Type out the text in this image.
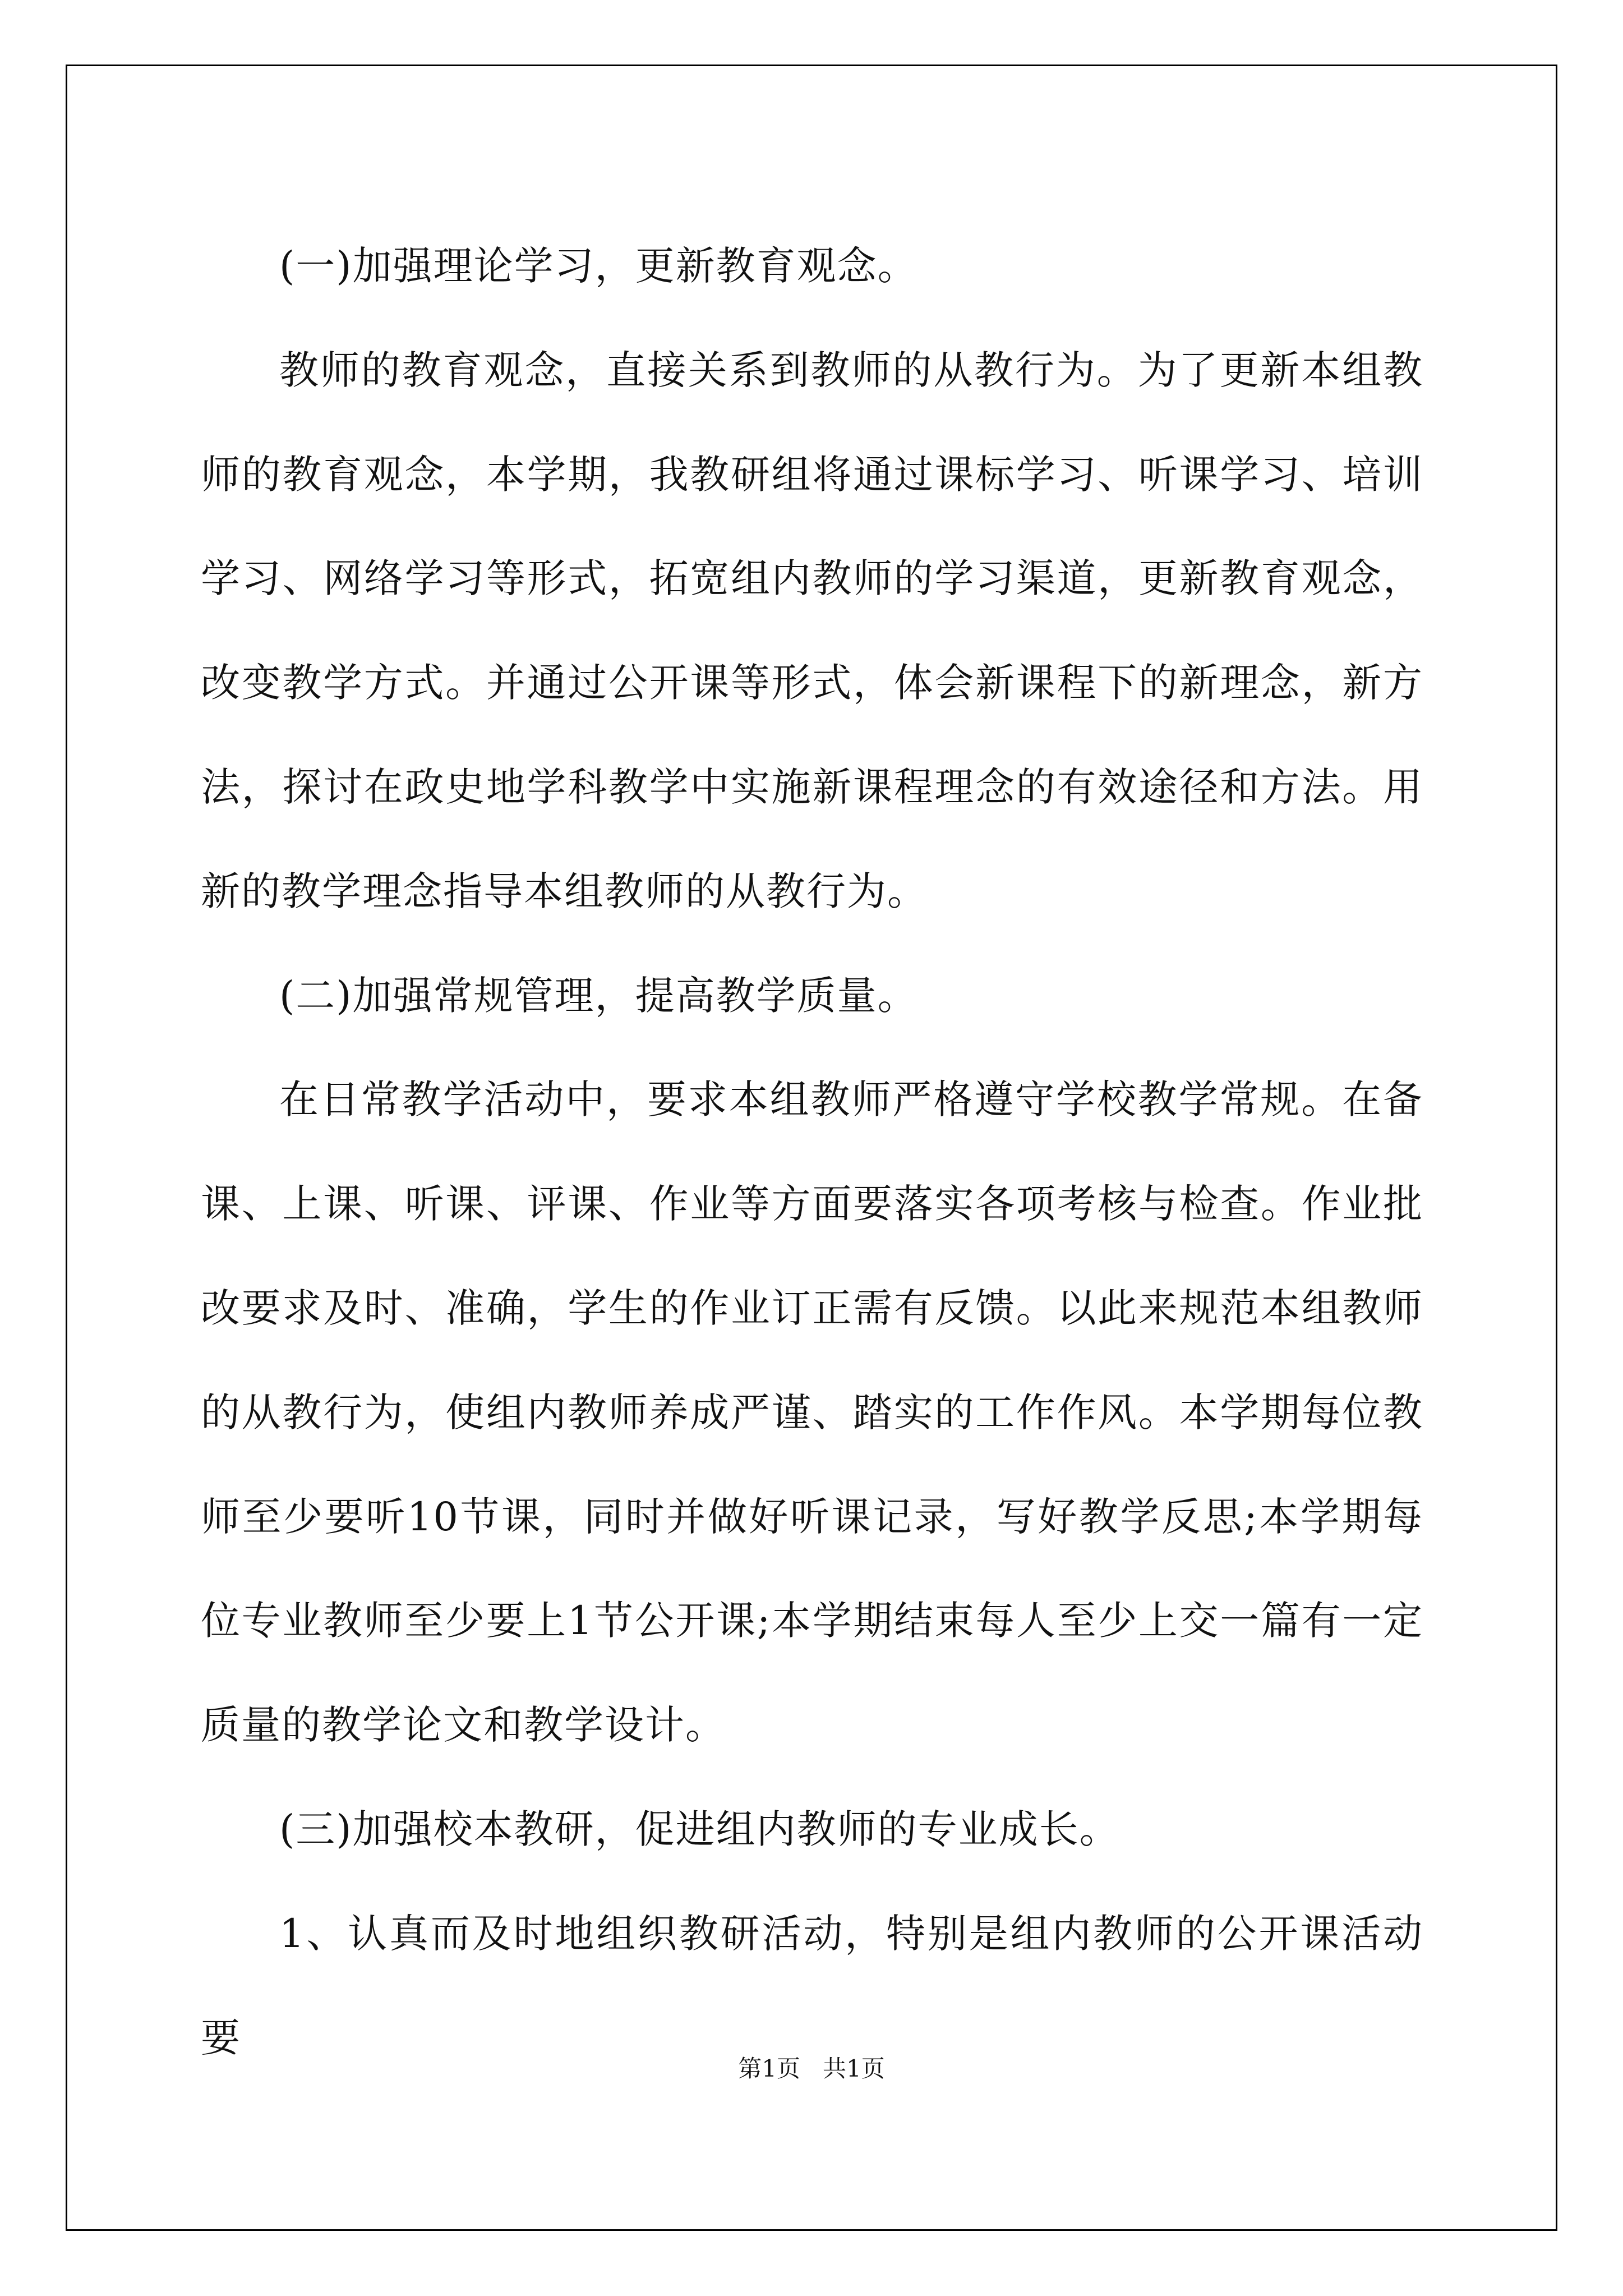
(一)加强理论学习，更新教育观念。

教师的教育观念，直接关系到教师的从教行为。为了更新本组教师的教育观念，本学期，我教研组将通过课标学习、听课学习、培训学习、网络学习等形式，拓宽组内教师的学习渠道，更新教育观念，改变教学方式。并通过公开课等形式，体会新课程下的新理念，新方法，探讨在政史地学科教学中实施新课程理念的有效途径和方法。用新的教学理念指导本组教师的从教行为。

(二)加强常规管理，提高教学质量。

在日常教学活动中，要求本组教师严格遵守学校教学常规。在备课、上课、听课、评课、作业等方面要落实各项考核与检查。作业批改要求及时、准确，学生的作业订正需有反馈。以此来规范本组教师的从教行为，使组内教师养成严谨、踏实的工作作风。本学期每位教师至少要听10节课，同时并做好听课记录，写好教学反思;本学期每位专业教师至少要上1节公开课;本学期结束每人至少上交一篇有一定质量的教学论文和教学设计。

(三)加强校本教研，促进组内教师的专业成长。

1、认真而及时地组织教研活动，特别是组内教师的公开课活动要

第1页   共1页
